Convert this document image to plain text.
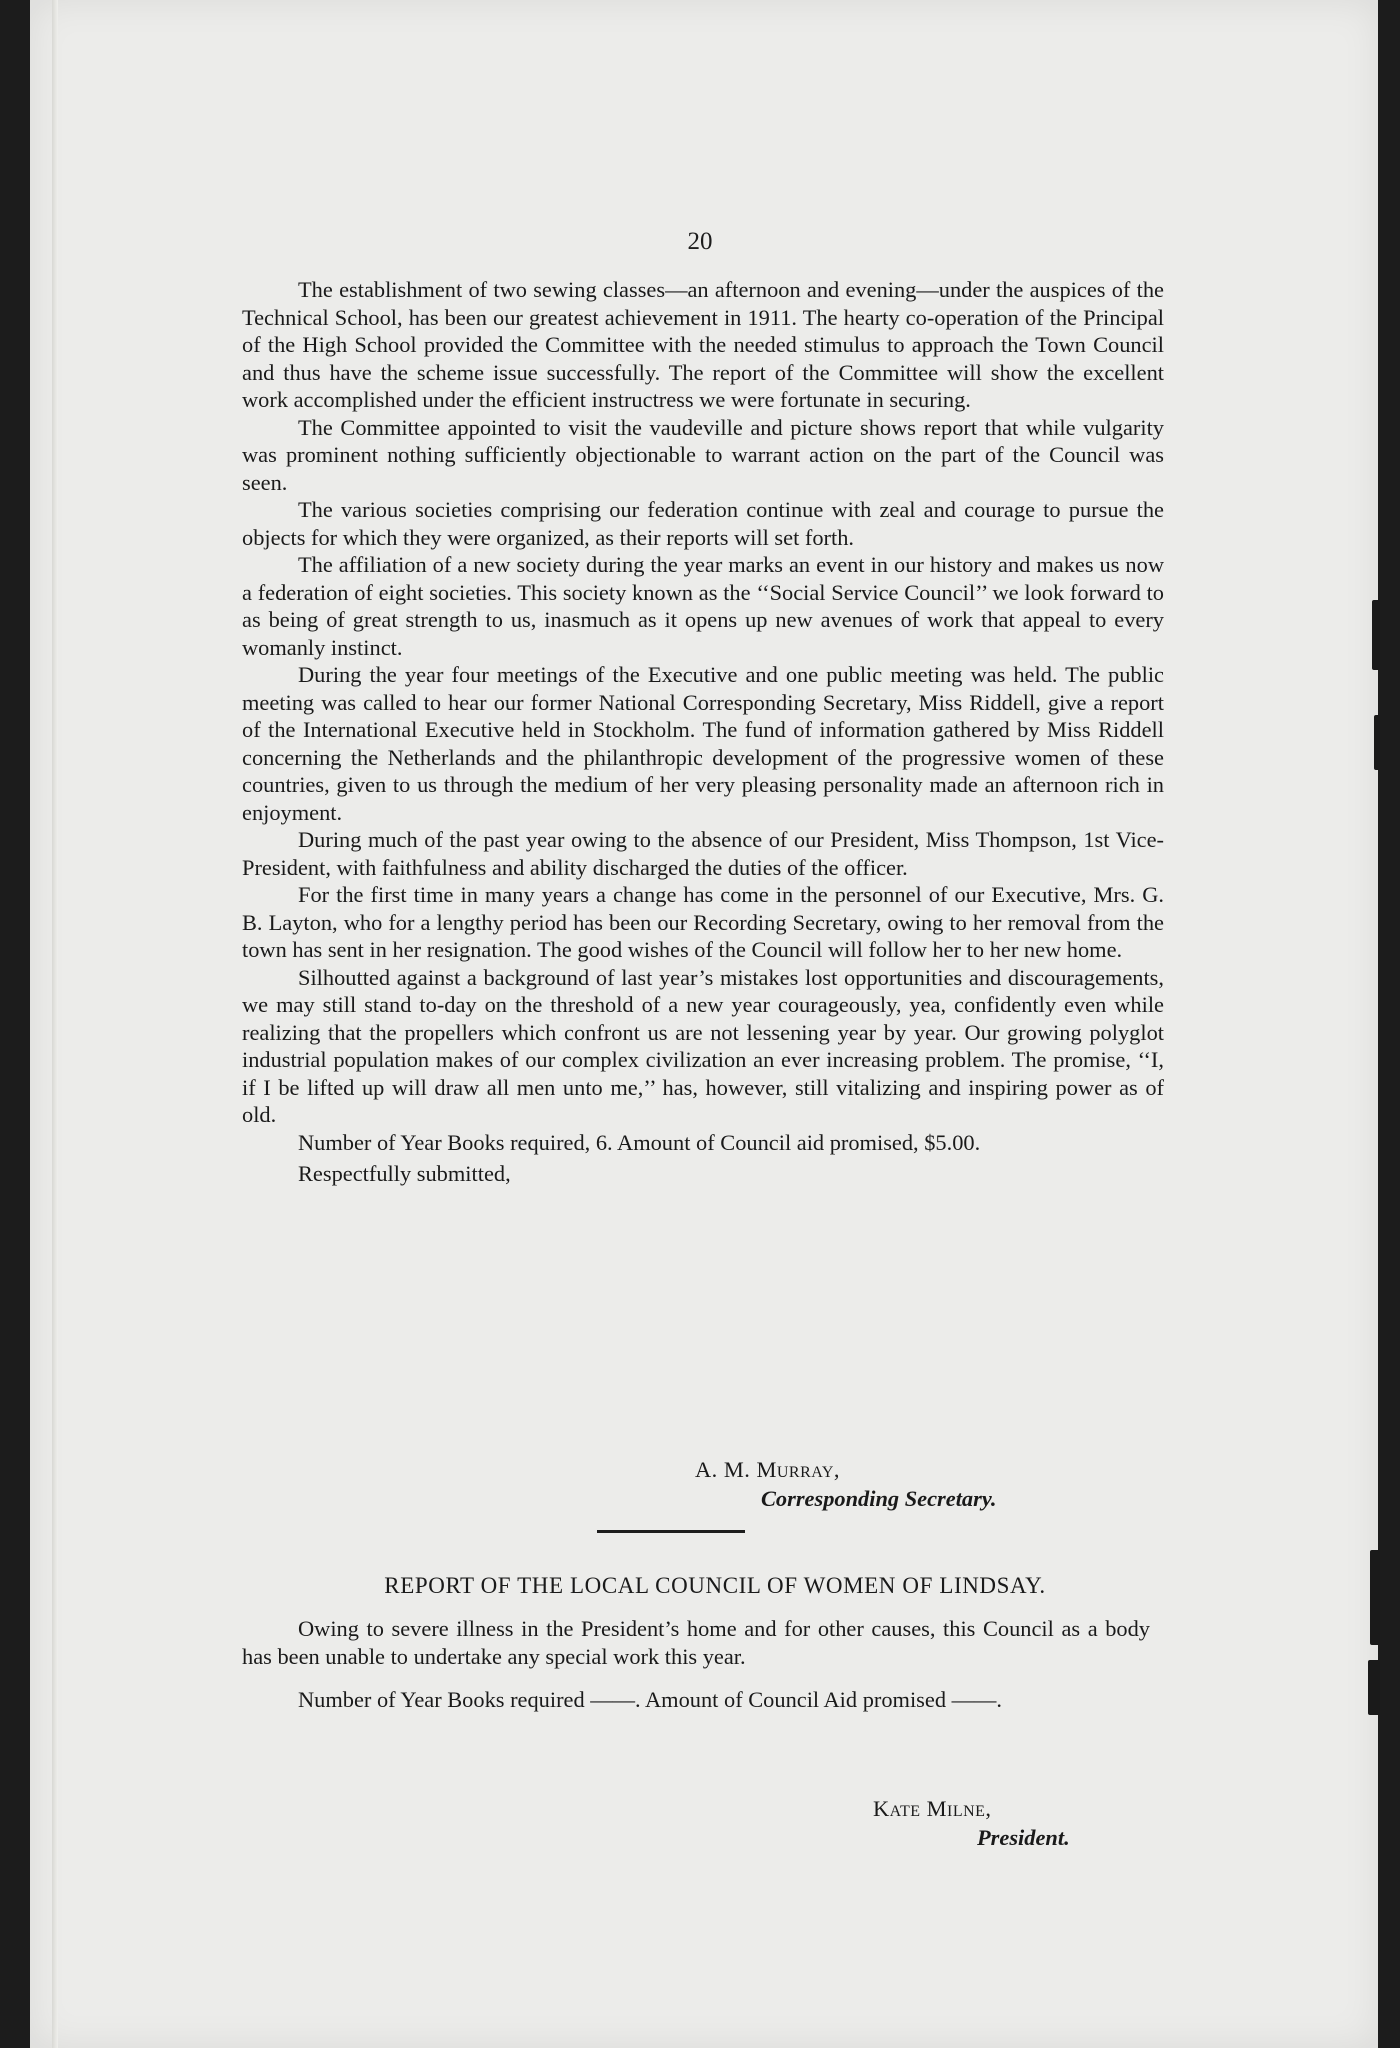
20

The establishment of two sewing classes—an afternoon and evening—under the auspices of the Technical School, has been our greatest achievement in 1911. The hearty co-operation of the Principal of the High School provided the Committee with the needed stimulus to approach the Town Council and thus have the scheme issue successfully. The report of the Committee will show the excellent work accomplished under the efficient instructress we were fortunate in securing.

The Committee appointed to visit the vaudeville and picture shows report that while vulgarity was prominent nothing sufficiently objectionable to warrant action on the part of the Council was seen.

The various societies comprising our federation continue with zeal and courage to pursue the objects for which they were organized, as their reports will set forth.

The affiliation of a new society during the year marks an event in our history and makes us now a federation of eight societies. This society known as the ‘‘Social Service Council’’ we look forward to as being of great strength to us, inasmuch as it opens up new avenues of work that appeal to every womanly instinct.

During the year four meetings of the Executive and one public meeting was held. The public meeting was called to hear our former National Corresponding Secretary, Miss Riddell, give a report of the International Executive held in Stockholm. The fund of information gathered by Miss Riddell concerning the Netherlands and the philanthropic development of the progressive women of these countries, given to us through the medium of her very pleasing personality made an afternoon rich in enjoyment.

During much of the past year owing to the absence of our President, Miss Thompson, 1st Vice-President, with faithfulness and ability discharged the duties of the officer.

For the first time in many years a change has come in the personnel of our Executive, Mrs. G. B. Layton, who for a lengthy period has been our Recording Secretary, owing to her removal from the town has sent in her resignation. The good wishes of the Council will follow her to her new home.

Silhoutted against a background of last year’s mistakes lost opportunities and discouragements, we may still stand to-day on the threshold of a new year courageously, yea, confidently even while realizing that the propellers which confront us are not lessening year by year. Our growing polyglot industrial population makes of our complex civilization an ever increasing problem. The promise, ‘‘I, if I be lifted up will draw all men unto me,’’ has, however, still vitalizing and inspiring power as of old.

Number of Year Books required, 6. Amount of Council aid promised, $5.00.

Respectfully submitted,

A. M. Murray,
Corresponding Secretary.
REPORT OF THE LOCAL COUNCIL OF WOMEN OF LINDSAY.

Owing to severe illness in the President’s home and for other causes, this Council as a body has been unable to undertake any special work this year.

Number of Year Books required ——. Amount of Council Aid promised ——.

Kate Milne,
President.
